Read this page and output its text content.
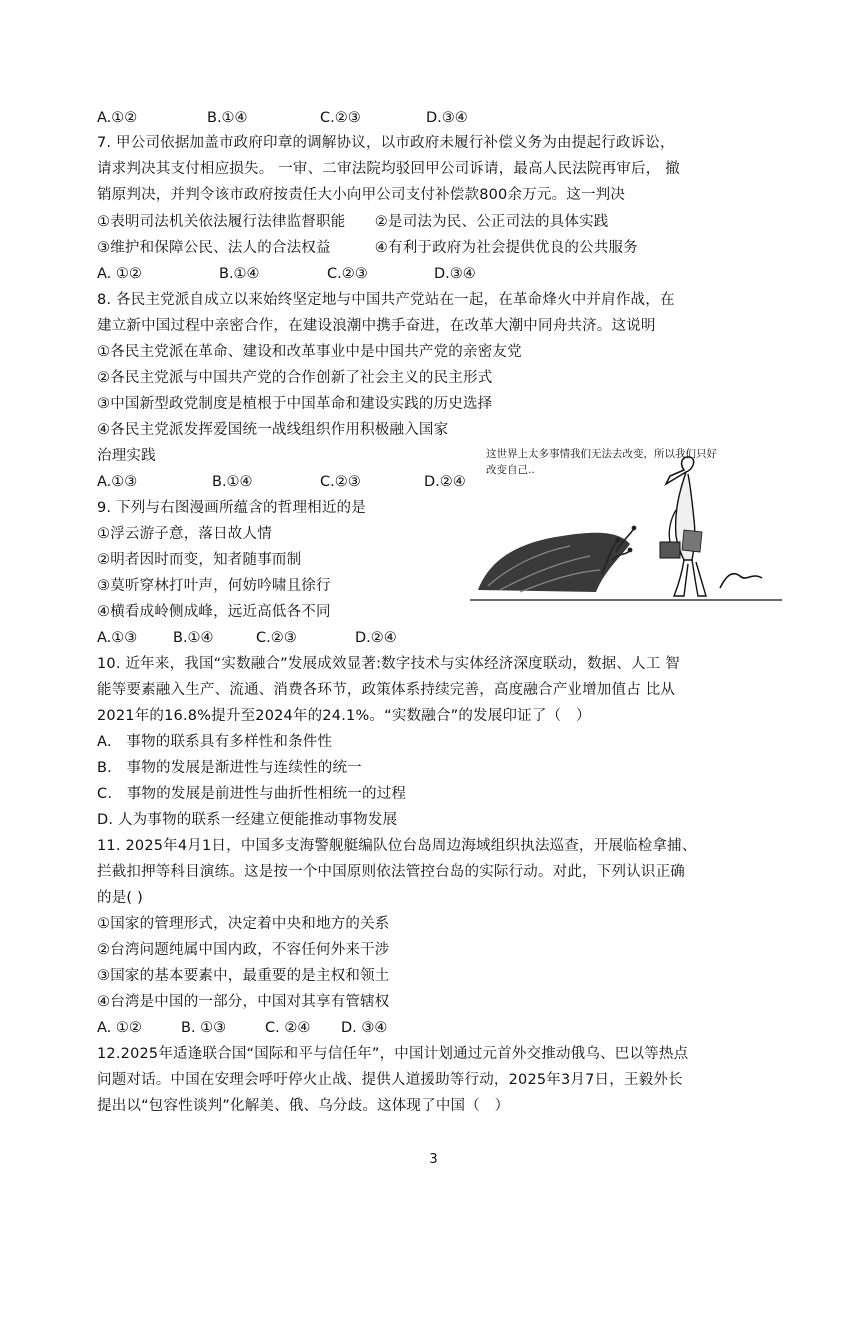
A.①②	B.①④	C.②③	D.③④
7. 甲公司依据加盖市政府印章的调解协议，以市政府未履行补偿义务为由提起行政诉讼，
请求判决其支付相应损失。 一审、二审法院均驳回甲公司诉请，最高人民法院再审后， 撤
销原判决，并判令该市政府按责任大小向甲公司支付补偿款800余万元。这一判决
①表明司法机关依法履行法律监督职能　　②是司法为民、公正司法的具体实践
③维护和保障公民、法人的合法权益　　　④有利于政府为社会提供优良的公共服务
A. ①②	B.①④	C.②③	D.③④
8. 各民主党派自成立以来始终坚定地与中国共产党站在一起，在革命烽火中并肩作战，在
建立新中国过程中亲密合作，在建设浪潮中携手奋进，在改革大潮中同舟共济。这说明
①各民主党派在革命、建设和改革事业中是中国共产党的亲密友党
②各民主党派与中国共产党的合作创新了社会主义的民主形式
③中国新型政党制度是植根于中国革命和建设实践的历史选择
④各民主党派发挥爱国统一战线组织作用积极融入国家
治理实践
A.①③	B.①④	C.②③	D.②④
9. 下列与右图漫画所蕴含的哲理相近的是
①浮云游子意，落日故人情
②明者因时而变，知者随事而制
③莫听穿林打叶声，何妨吟啸且徐行
④横看成岭侧成峰，远近高低各不同
A.①③ B.①④	C.②③	D.②④
这世界上太多事情我们无法去改变，所以我们只好改变自己..
10. 近年来，我国“实数融合”发展成效显著:数字技术与实体经济深度联动，数据、人工 智
能等要素融入生产、流通、消费各环节，政策体系持续完善，高度融合产业增加值占 比从
2021年的16.8%提升至2024年的24.1%。“实数融合”的发展印证了（　）
A.　事物的联系具有多样性和条件性
B.　事物的发展是渐进性与连续性的统一
C.　事物的发展是前进性与曲折性相统一的过程
D. 人为事物的联系一经建立便能推动事物发展
11. 2025年4月1日，中国多支海警舰艇编队位台岛周边海域组织执法巡查，开展临检拿捕、
拦截扣押等科目演练。这是按一个中国原则依法管控台岛的实际行动。对此，下列认识正确
的是( )
①国家的管理形式，决定着中央和地方的关系
②台湾问题纯属中国内政，不容任何外来干涉
③国家的基本要素中，最重要的是主权和领土
④台湾是中国的一部分，中国对其享有管辖权
A. ①②	B. ①③	C. ②④ D. ③④
12.2025年适逢联合国“国际和平与信任年”，中国计划通过元首外交推动俄乌、巴以等热点
问题对话。中国在安理会呼吁停火止战、提供人道援助等行动，2025年3月7日，王毅外长
提出以“包容性谈判”化解美、俄、乌分歧。这体现了中国（　）
3
